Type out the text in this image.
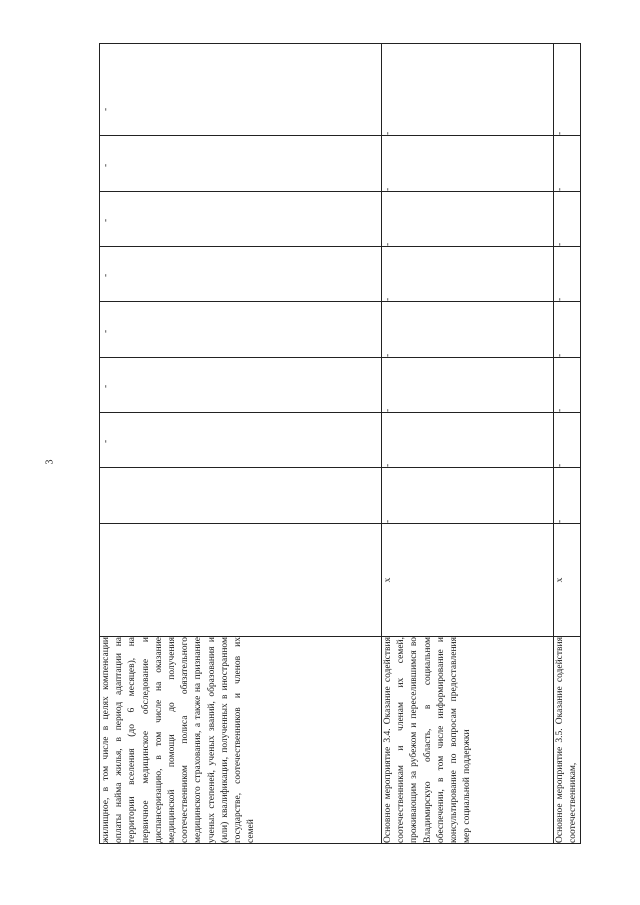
3
жилищное, в том числе в целях компенсации оплаты найма жилья, в период адаптации на территории вселения (до 6 месяцев), на первичное медицинское обследование и диспансеризацию, в том числе на оказание медицинской помощи до получения соотечественником полиса обязательного медицинского страхования, а также на признание ученых степеней, ученых званий, образования и (или) квалификации, полученных в иностранном государстве, соотечественников и членов их семей			-	-	-	-	-	-	-

Основное мероприятие 3.4. Оказание содействия соотечественникам и членам их семей, проживающим за рубежом и переселившимся во Владимирскую область, в социальном обеспечении, в том числе информирование и консультирование по вопросам предоставления мер социальной поддержки	х	-	-	-	-	-	-	-	-

Основное мероприятие 3.5. Оказание содействия соотечественникам,	х	-	-	-	-	-	-	-	-
